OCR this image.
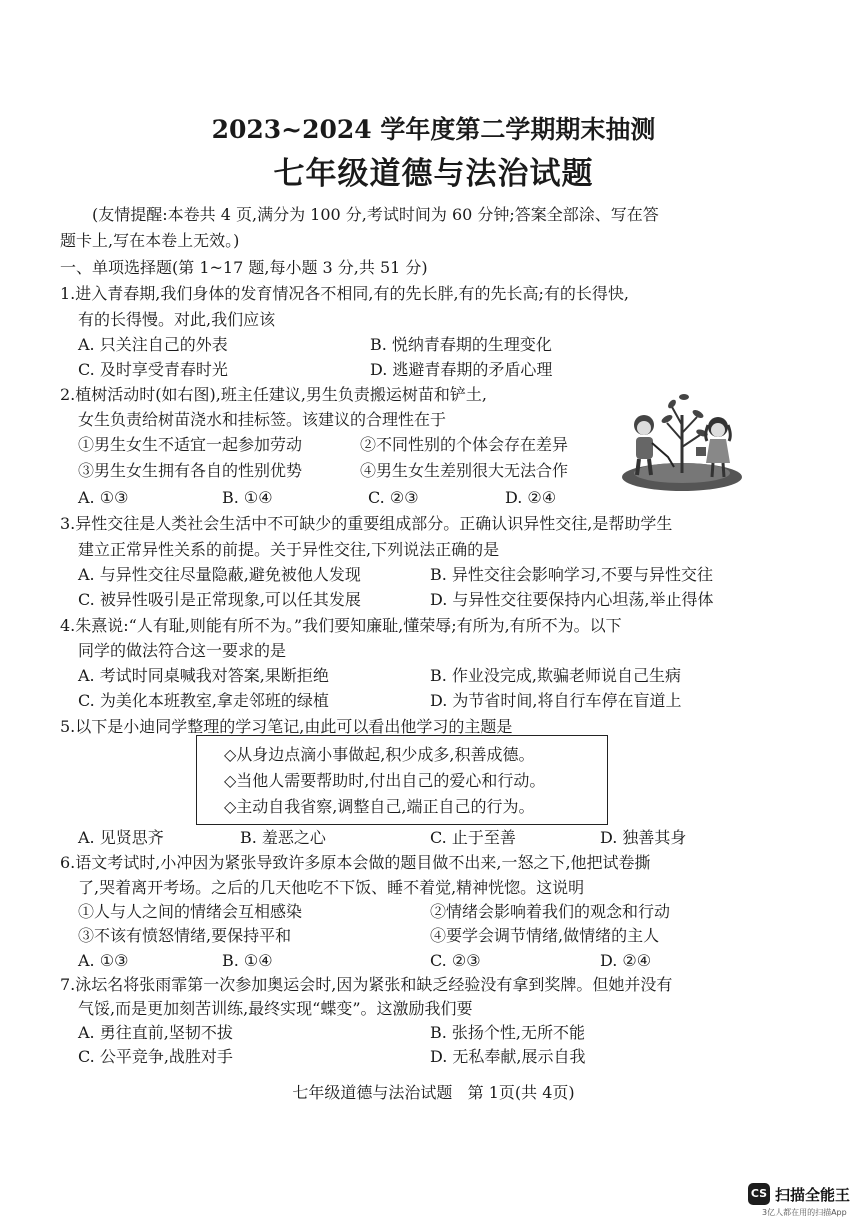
2023~2024 学年度第二学期期末抽测
七年级道德与法治试题
(友情提醒:本卷共 4 页,满分为 100 分,考试时间为 60 分钟;答案全部涂、写在答
题卡上,写在本卷上无效。)
一、单项选择题(第 1~17 题,每小题 3 分,共 51 分)
1.进入青春期,我们身体的发育情况各不相同,有的先长胖,有的先长高;有的长得快,
有的长得慢。对此,我们应该
A. 只关注自己的外表	B. 悦纳青春期的生理变化
C. 及时享受青春时光	D. 逃避青春期的矛盾心理
2.植树活动时(如右图),班主任建议,男生负责搬运树苗和铲土,
女生负责给树苗浇水和挂标签。该建议的合理性在于
①男生女生不适宜一起参加劳动	②不同性别的个体会存在差异
③男生女生拥有各自的性别优势	④男生女生差别很大无法合作
A. ①③	B. ①④	C. ②③	D. ②④
3.异性交往是人类社会生活中不可缺少的重要组成部分。正确认识异性交往,是帮助学生
建立正常异性关系的前提。关于异性交往,下列说法正确的是
A. 与异性交往尽量隐蔽,避免被他人发现	B. 异性交往会影响学习,不要与异性交往
C. 被异性吸引是正常现象,可以任其发展	D. 与异性交往要保持内心坦荡,举止得体
4.朱熹说:“人有耻,则能有所不为。”我们要知廉耻,懂荣辱;有所为,有所不为。以下
同学的做法符合这一要求的是
A. 考试时同桌喊我对答案,果断拒绝	B. 作业没完成,欺骗老师说自己生病
C. 为美化本班教室,拿走邻班的绿植	D. 为节省时间,将自行车停在盲道上
5.以下是小迪同学整理的学习笔记,由此可以看出他学习的主题是
◇从身边点滴小事做起,积少成多,积善成德。
◇当他人需要帮助时,付出自己的爱心和行动。
◇主动自我省察,调整自己,端正自己的行为。
A. 见贤思齐	B. 羞恶之心	C. 止于至善	D. 独善其身
6.语文考试时,小冲因为紧张导致许多原本会做的题目做不出来,一怒之下,他把试卷撕
了,哭着离开考场。之后的几天他吃不下饭、睡不着觉,精神恍惚。这说明
①人与人之间的情绪会互相感染	②情绪会影响着我们的观念和行动
③不该有愤怒情绪,要保持平和	④要学会调节情绪,做情绪的主人
A. ①③	B. ①④	C. ②③	D. ②④
7.泳坛名将张雨霏第一次参加奥运会时,因为紧张和缺乏经验没有拿到奖牌。但她并没有
气馁,而是更加刻苦训练,最终实现“蝶变”。这激励我们要
A. 勇往直前,坚韧不拔	B. 张扬个性,无所不能
C. 公平竞争,战胜对手	D. 无私奉献,展示自我
七年级道德与法治试题   第 1页(共 4页)
CS 扫描全能王
3亿人都在用的扫描App
